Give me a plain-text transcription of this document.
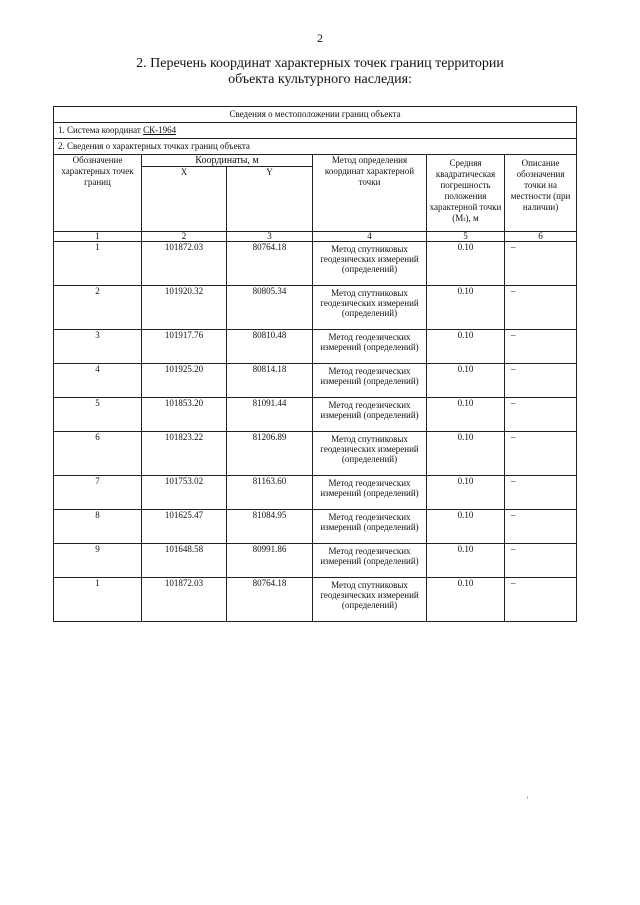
2
2. Перечень координат характерных точек границ территории
объекта культурного наследия:
Сведения о местоположении границ объекта					
1. Система координат СК-1964					
2. Сведения о характерных точках границ объекта					
Обозначение характерных точек границ	Координаты, м		Метод определения координат характерной точки	Средняя квадратическая погрешность положения характерной точки (Mₜ), м	Описание обозначения точки на местности (при наличии)
	X	Y			
1	2	3	4	5	6
1	101872.03	80764.18	Метод спутниковых геодезических измерений (определений)	0.10	–
2	101920.32	80805.34	Метод спутниковых геодезических измерений (определений)	0.10	–
3	101917.76	80810.48	Метод геодезических измерений (определений)	0.10	–
4	101925.20	80814.18	Метод геодезических измерений (определений)	0.10	–
5	101853.20	81091.44	Метод геодезических измерений (определений)	0.10	–
6	101823.22	81206.89	Метод спутниковых геодезических измерений (определений)	0.10	–
7	101753.02	81163.60	Метод геодезических измерений (определений)	0.10	–
8	101625.47	81084.95	Метод геодезических измерений (определений)	0.10	–
9	101648.58	80991.86	Метод геодезических измерений (определений)	0.10	–
1	101872.03	80764.18	Метод спутниковых геодезических измерений (определений)	0.10	–
